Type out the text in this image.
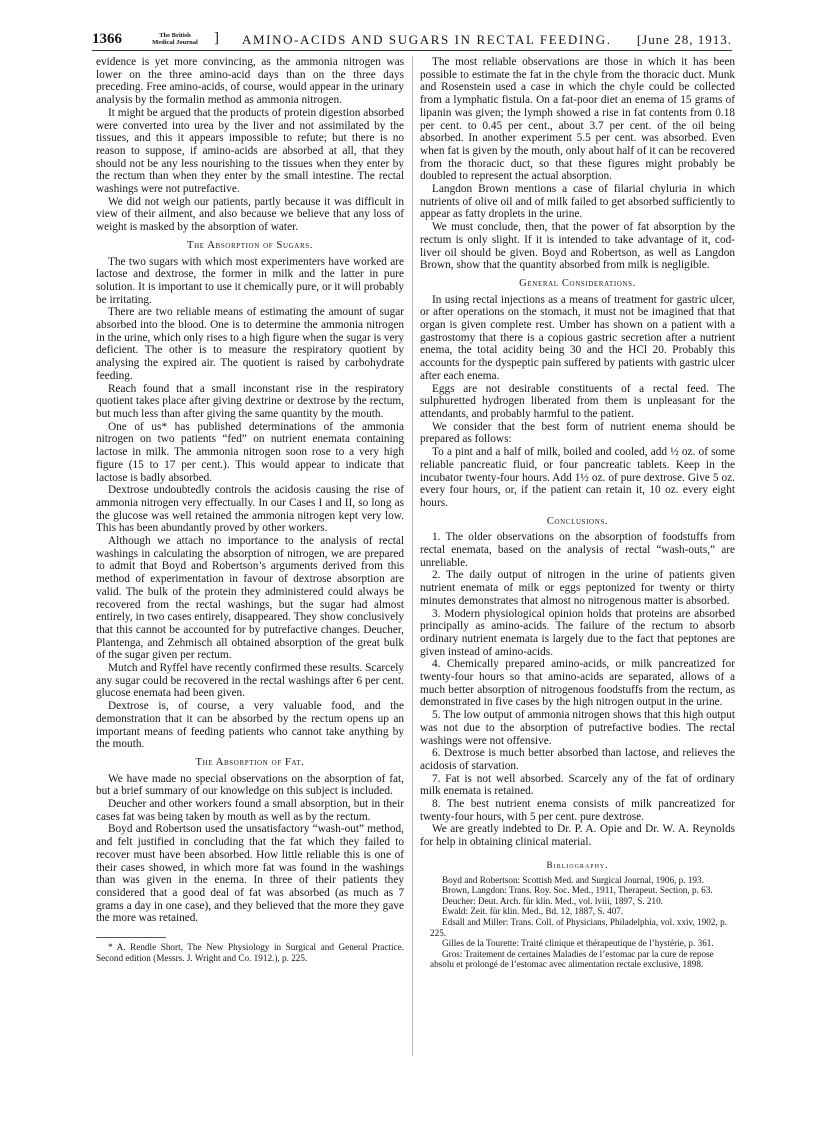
1366	The British
Medical Journal	] AMINO-ACIDS AND SUGARS IN RECTAL FEEDING. [June 28, 1913.

evidence is yet more convincing, as the ammonia nitrogen was lower on the three amino-acid days than on the three days preceding. Free amino-acids, of course, would appear in the urinary analysis by the formalin method as ammonia nitrogen.

It might be argued that the products of protein digestion absorbed were converted into urea by the liver and not assimilated by the tissues, and this it appears impossible to refute; but there is no reason to suppose, if amino-acids are absorbed at all, that they should not be any less nourishing to the tissues when they enter by the rectum than when they enter by the small intestine. The rectal washings were not putrefactive.

We did not weigh our patients, partly because it was difficult in view of their ailment, and also because we believe that any loss of weight is masked by the absorption of water.

The Absorption of Sugars.

The two sugars with which most experimenters have worked are lactose and dextrose, the former in milk and the latter in pure solution. It is important to use it chemically pure, or it will probably be irritating.

There are two reliable means of estimating the amount of sugar absorbed into the blood. One is to determine the ammonia nitrogen in the urine, which only rises to a high figure when the sugar is very deficient. The other is to measure the respiratory quotient by analysing the expired air. The quotient is raised by carbohydrate feeding.

Reach found that a small inconstant rise in the respiratory quotient takes place after giving dextrine or dextrose by the rectum, but much less than after giving the same quantity by the mouth.

One of us* has published determinations of the ammonia nitrogen on two patients “fed” on nutrient enemata containing lactose in milk. The ammonia nitrogen soon rose to a very high figure (15 to 17 per cent.). This would appear to indicate that lactose is badly absorbed.

Dextrose undoubtedly controls the acidosis causing the rise of ammonia nitrogen very effectually. In our Cases I and II, so long as the glucose was well retained the ammonia nitrogen kept very low. This has been abundantly proved by other workers.

Although we attach no importance to the analysis of rectal washings in calculating the absorption of nitrogen, we are prepared to admit that Boyd and Robertson’s arguments derived from this method of experimentation in favour of dextrose absorption are valid. The bulk of the protein they administered could always be recovered from the rectal washings, but the sugar had almost entirely, in two cases entirely, disappeared. They show conclusively that this cannot be accounted for by putrefactive changes. Deucher, Plantenga, and Zehmisch all obtained absorption of the great bulk of the sugar given per rectum.

Mutch and Ryffel have recently confirmed these results. Scarcely any sugar could be recovered in the rectal washings after 6 per cent. glucose enemata had been given.

Dextrose is, of course, a very valuable food, and the demonstration that it can be absorbed by the rectum opens up an important means of feeding patients who cannot take anything by the mouth.

The Absorption of Fat.

We have made no special observations on the absorption of fat, but a brief summary of our knowledge on this subject is included.

Deucher and other workers found a small absorption, but in their cases fat was being taken by mouth as well as by the rectum.

Boyd and Robertson used the unsatisfactory “wash-out” method, and felt justified in concluding that the fat which they failed to recover must have been absorbed. How little reliable this is one of their cases showed, in which more fat was found in the washings than was given in the enema. In three of their patients they considered that a good deal of fat was absorbed (as much as 7 grams a day in one case), and they believed that the more they gave the more was retained.

* A. Rendle Short, The New Physiology in Surgical and General Practice. Second edition (Messrs. J. Wright and Co. 1912.), p. 225.

The most reliable observations are those in which it has been possible to estimate the fat in the chyle from the thoracic duct. Munk and Rosenstein used a case in which the chyle could be collected from a lymphatic fistula. On a fat-poor diet an enema of 15 grams of lipanin was given; the lymph showed a rise in fat contents from 0.18 per cent. to 0.45 per cent., about 3.7 per cent. of the oil being absorbed. In another experiment 5.5 per cent. was absorbed. Even when fat is given by the mouth, only about half of it can be recovered from the thoracic duct, so that these figures might probably be doubled to represent the actual absorption.

Langdon Brown mentions a case of filarial chyluria in which nutrients of olive oil and of milk failed to get absorbed sufficiently to appear as fatty droplets in the urine.

We must conclude, then, that the power of fat absorption by the rectum is only slight. If it is intended to take advantage of it, cod-liver oil should be given. Boyd and Robertson, as well as Langdon Brown, show that the quantity absorbed from milk is negligible.

General Considerations.

In using rectal injections as a means of treatment for gastric ulcer, or after operations on the stomach, it must not be imagined that that organ is given complete rest. Umber has shown on a patient with a gastrostomy that there is a copious gastric secretion after a nutrient enema, the total acidity being 30 and the HCl 20. Probably this accounts for the dyspeptic pain suffered by patients with gastric ulcer after each enema.

Eggs are not desirable constituents of a rectal feed. The sulphuretted hydrogen liberated from them is unpleasant for the attendants, and probably harmful to the patient.

We consider that the best form of nutrient enema should be prepared as follows:

To a pint and a half of milk, boiled and cooled, add ½ oz. of some reliable pancreatic fluid, or four pancreatic tablets. Keep in the incubator twenty-four hours. Add 1½ oz. of pure dextrose. Give 5 oz. every four hours, or, if the patient can retain it, 10 oz. every eight hours.

Conclusions.

1. The older observations on the absorption of foodstuffs from rectal enemata, based on the analysis of rectal “wash-outs,” are unreliable.

2. The daily output of nitrogen in the urine of patients given nutrient enemata of milk or eggs peptonized for twenty or thirty minutes demonstrates that almost no nitrogenous matter is absorbed.

3. Modern physiological opinion holds that proteins are absorbed principally as amino-acids. The failure of the rectum to absorb ordinary nutrient enemata is largely due to the fact that peptones are given instead of amino-acids.

4. Chemically prepared amino-acids, or milk pancreatized for twenty-four hours so that amino-acids are separated, allows of a much better absorption of nitrogenous foodstuffs from the rectum, as demonstrated in five cases by the high nitrogen output in the urine.

5. The low output of ammonia nitrogen shows that this high output was not due to the absorption of putrefactive bodies. The rectal washings were not offensive.

6. Dextrose is much better absorbed than lactose, and relieves the acidosis of starvation.

7. Fat is not well absorbed. Scarcely any of the fat of ordinary milk enemata is retained.

8. The best nutrient enema consists of milk pancreatized for twenty-four hours, with 5 per cent. pure dextrose.

We are greatly indebted to Dr. P. A. Opie and Dr. W. A. Reynolds for help in obtaining clinical material.

Bibliography.

Boyd and Robertson: Scottish Med. and Surgical Journal, 1906, p. 193.

Brown, Langdon: Trans. Roy. Soc. Med., 1911, Therapeut. Section, p. 63.

Deucher: Deut. Arch. für klin. Med., vol. lviii, 1897, S. 210.

Ewald: Zeit. für klin. Med., Bd. 12, 1887, S. 407.

Edsall and Miller: Trans. Coll. of Physicians, Philadelphia, vol. xxiv, 1902, p. 225.

Gilles de la Tourette: Traité clinique et thérapeutique de l’hystérie, p. 361.

Gros: Traitement de certaines Maladies de l’estomac par la cure de repose absolu et prolongé de l’estomac avec alimentation rectale exclusive, 1898.
